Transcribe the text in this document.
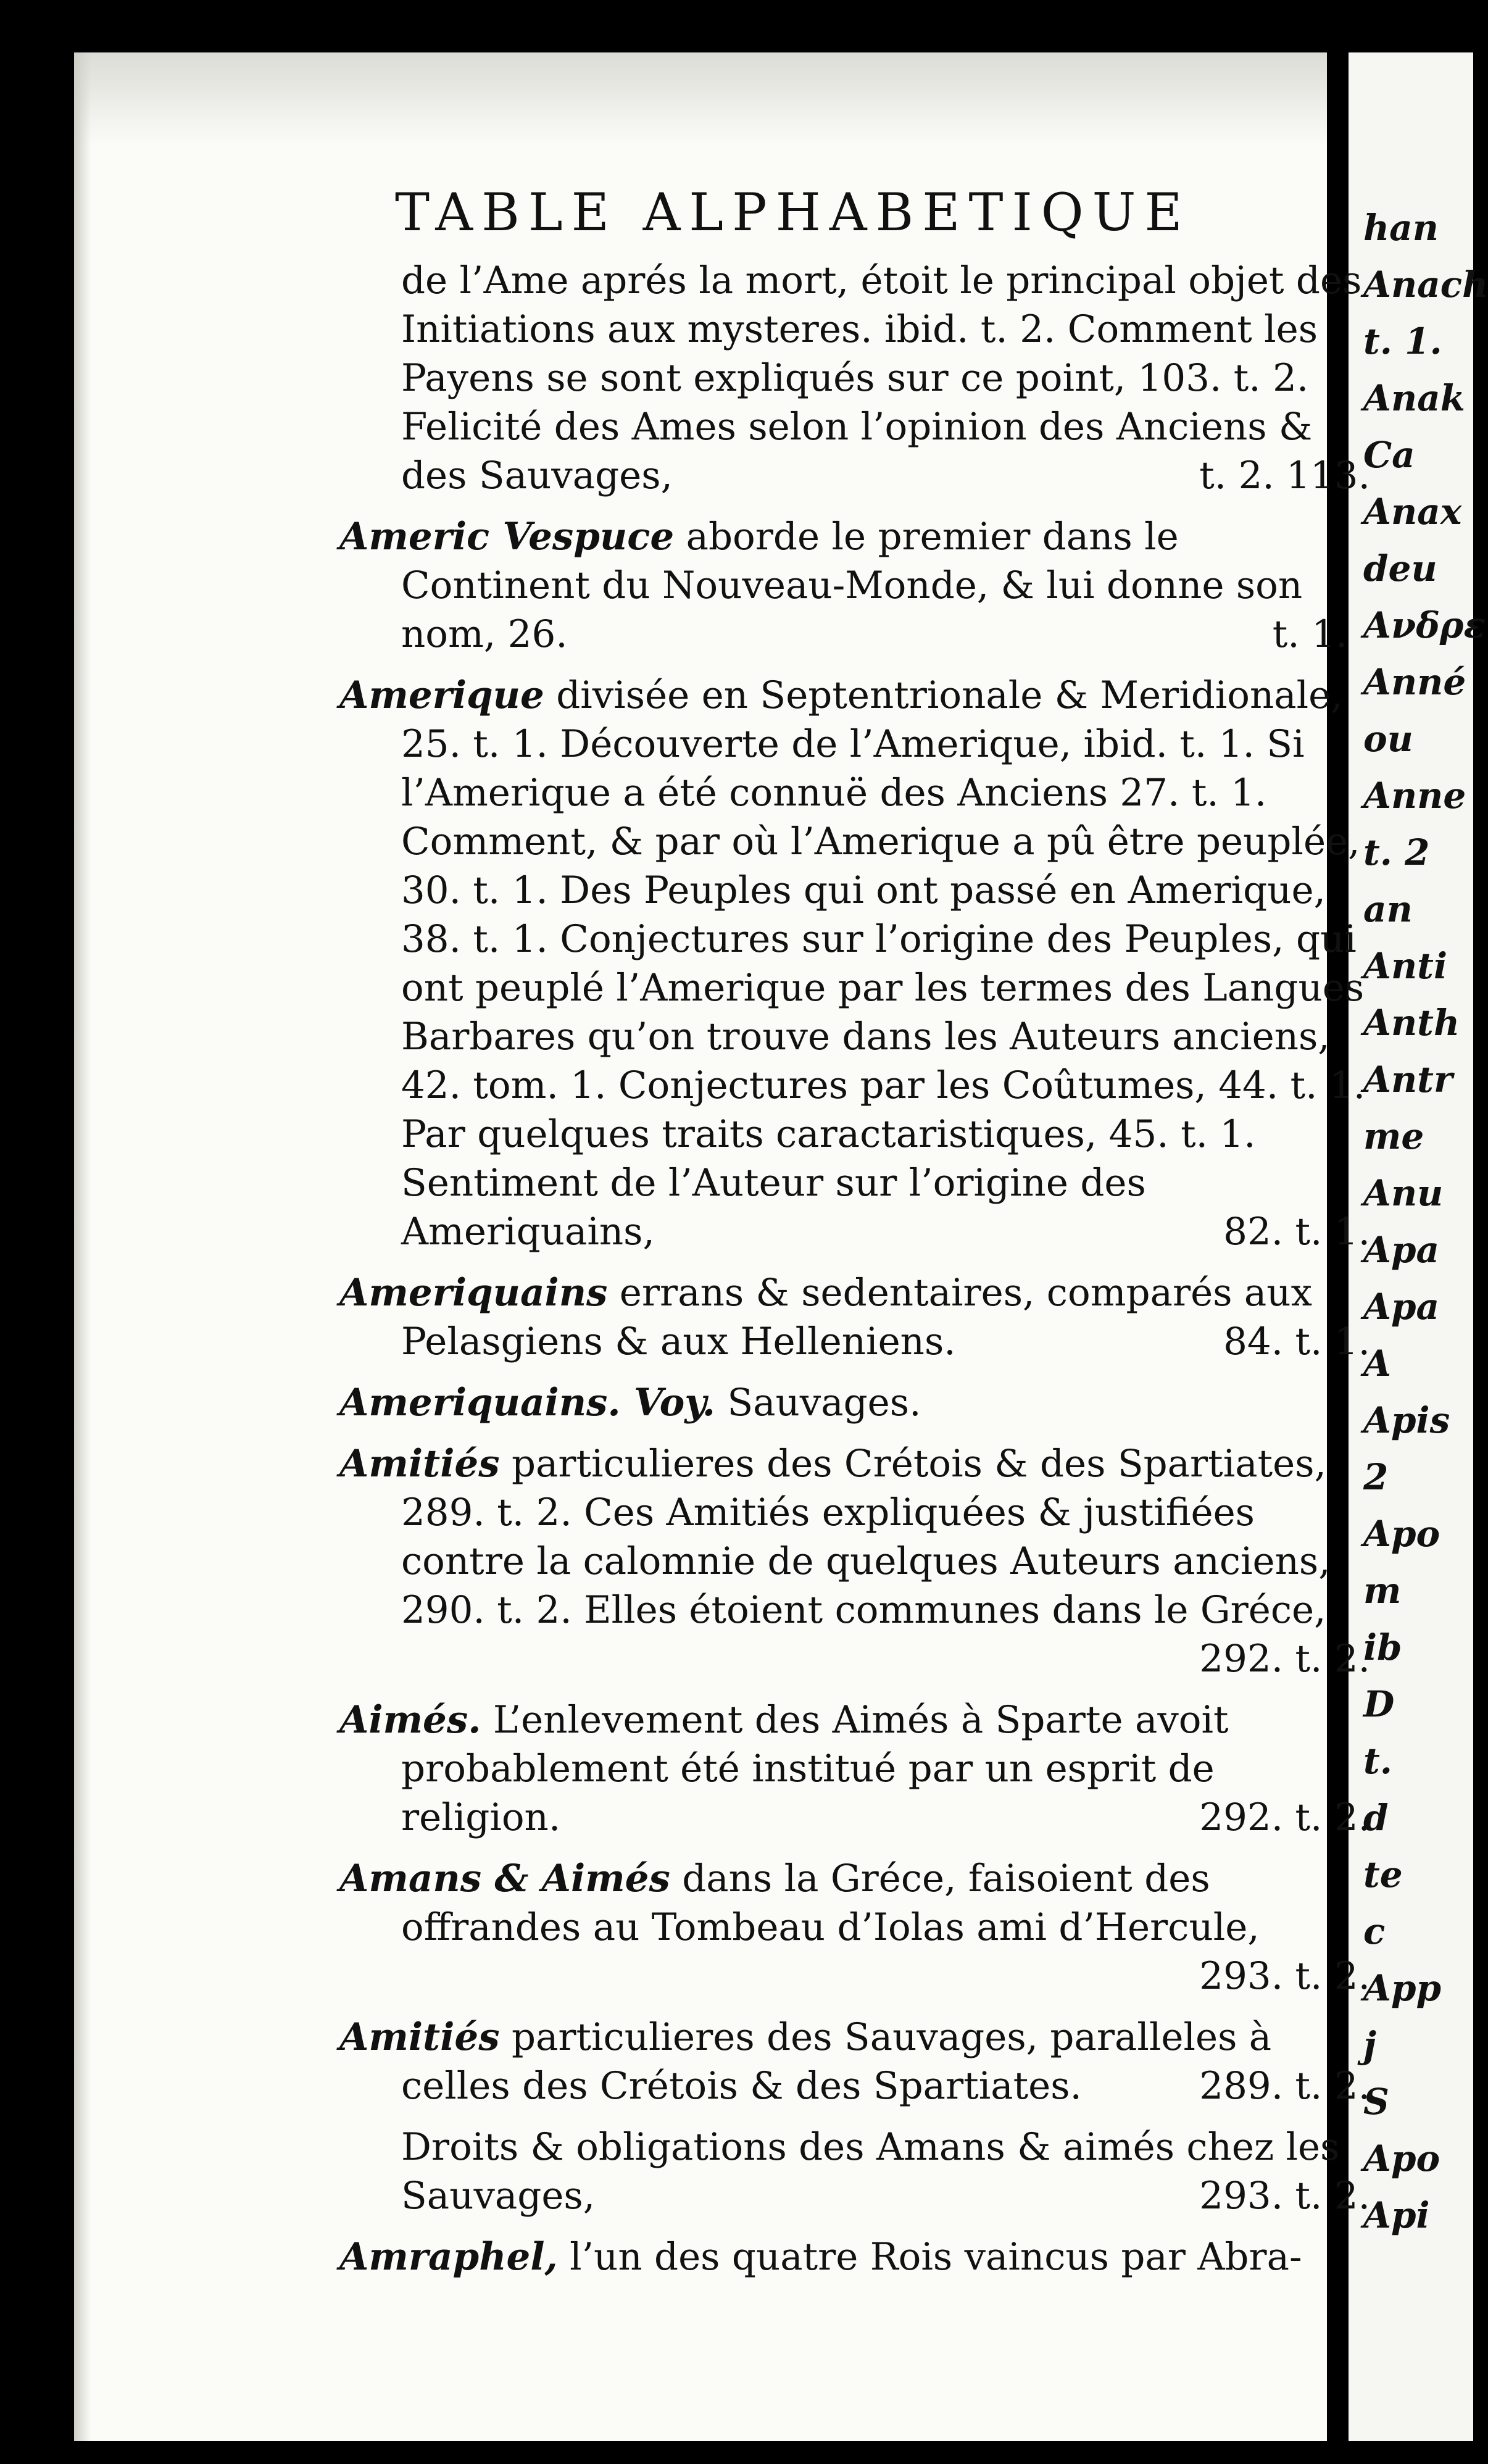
han
Anach
t. 1.
Anak
Ca
Anax
deu
Ανδρε
Anné
ou
Anne
t. 2
an
Anti
Anth
Antr
me
Anu
Apa
Apa
A
Apis
2
Apo
m
ib
D
t.
d
te
c
App
j
S
Apo
Api
TABLE ALPHABETIQUE
de l’Ame aprés la mort, étoit le principal objet des Initiations aux mysteres. ibid. t. 2. Comment les Payens se sont expliqués sur ce point, 103. t. 2. Felicité des Ames selon l’opinion des Anciens & des Sauvages,	t. 2. 113.
Americ Vespuce aborde le premier dans le Continent du Nouveau-Monde, & lui donne son nom, 26.	t. 1.
Amerique divisée en Septentrionale & Meridionale, 25. t. 1. Découverte de l’Amerique, ibid. t. 1. Si l’Amerique a été connuë des Anciens 27. t. 1. Comment, & par où l’Amerique a pû être peuplée, 30. t. 1. Des Peuples qui ont passé en Amerique, 38. t. 1. Conjectures sur l’origine des Peuples, qui ont peuplé l’Amerique par les termes des Langues Barbares qu’on trouve dans les Auteurs anciens, 42. tom. 1. Conjectures par les Coûtumes, 44. t. 1. Par quelques traits caractaristiques, 45. t. 1. Sentiment de l’Auteur sur l’origine des Ameriquains,	82. t. 1.
Ameriquains errans & sedentaires, comparés aux Pelasgiens & aux Helleniens.	84. t. 1.
Ameriquains. Voy. Sauvages.
Amitiés particulieres des Crétois & des Spartiates, 289. t. 2. Ces Amitiés expliquées & justifiées contre la calomnie de quelques Auteurs anciens, 290. t. 2. Elles étoient communes dans le Gréce,
292. t. 2.
Aimés. L’enlevement des Aimés à Sparte avoit probablement été institué par un esprit de religion.	292. t. 2.
Amans & Aimés dans la Gréce, faisoient des offrandes au Tombeau d’Iolas ami d’Hercule,
293. t. 2.
Amitiés particulieres des Sauvages, paralleles à celles des Crétois & des Spartiates.	289. t. 2.
Droits & obligations des Amans & aimés chez les Sauvages,	293. t. 2.
Amraphel, l’un des quatre Rois vaincus par Abra-
